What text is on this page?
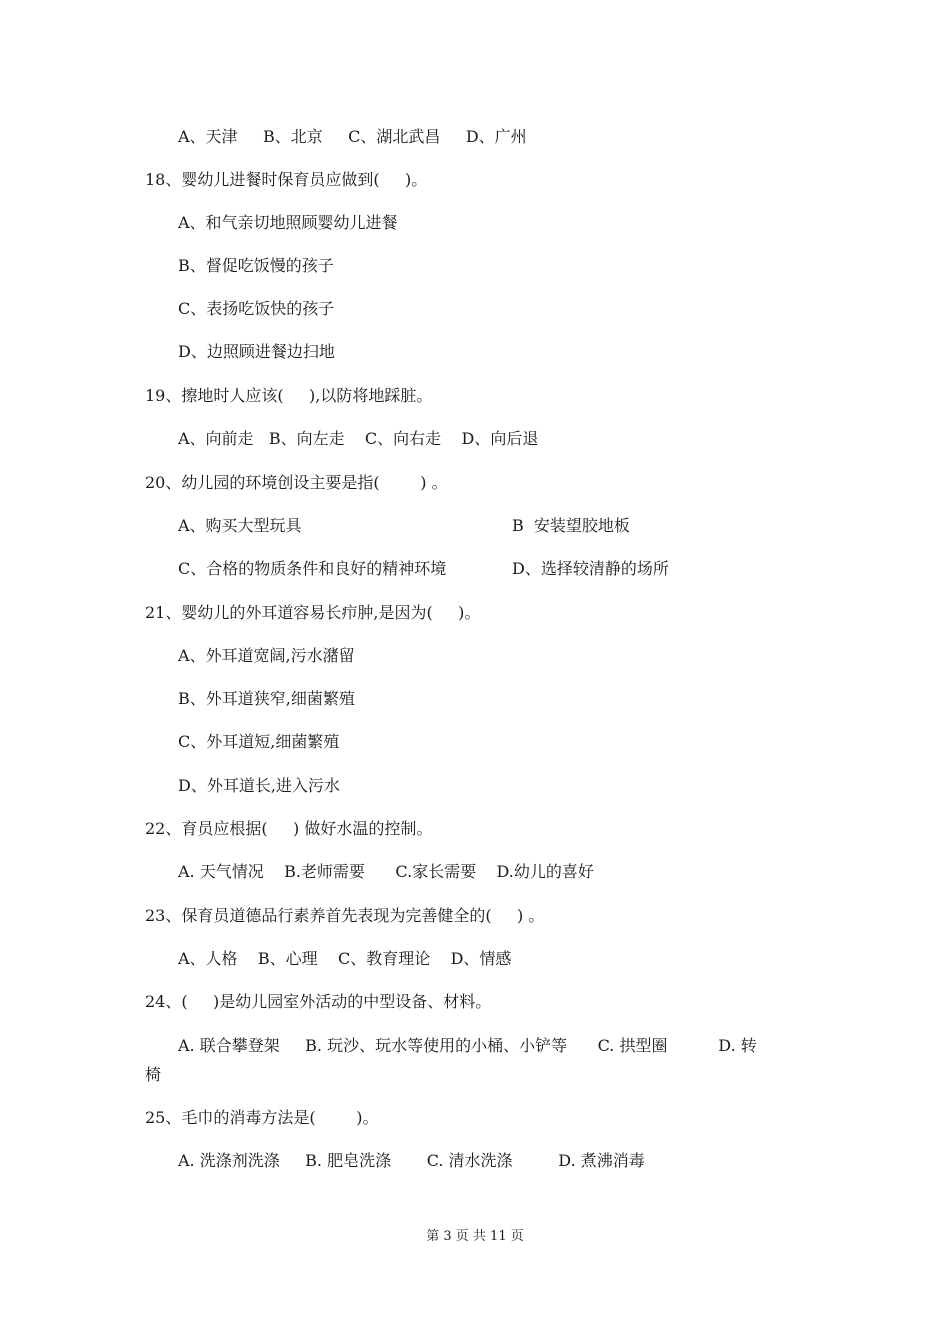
A、天津     B、北京     C、湖北武昌     D、广州
18、婴幼儿进餐时保育员应做到(     )。
A、和气亲切地照顾婴幼儿进餐
B、督促吃饭慢的孩子
C、表扬吃饭快的孩子
D、边照顾进餐边扫地
19、擦地时人应该(     ),以防将地踩脏。
A、向前走   B、向左走    C、向右走    D、向后退
20、幼儿园的环境创设主要是指(        ) 。
A、购买大型玩具	B  安装望胶地板
C、合格的物质条件和良好的精神环境	D、选择较清静的场所
21、婴幼儿的外耳道容易长疖肿,是因为(     )。
A、外耳道宽阔,污水潴留
B、外耳道狭窄,细菌繁殖
C、外耳道短,细菌繁殖
D、外耳道长,进入污水
22、育员应根据(     ) 做好水温的控制。
A. 天气情况    B.老师需要      C.家长需要    D.幼儿的喜好
23、保育员道德品行素养首先表现为完善健全的(     ) 。
A、人格    B、心理    C、教育理论    D、情感
24、(     )是幼儿园室外活动的中型设备、材料。
A. 联合攀登架     B. 玩沙、玩水等使用的小桶、小铲等      C. 拱型圈          D. 转
椅
25、毛巾的消毒方法是(        )。
A. 洗涤剂洗涤     B. 肥皂洗涤       C. 清水洗涤         D. 煮沸消毒
第 3 页 共 11 页
